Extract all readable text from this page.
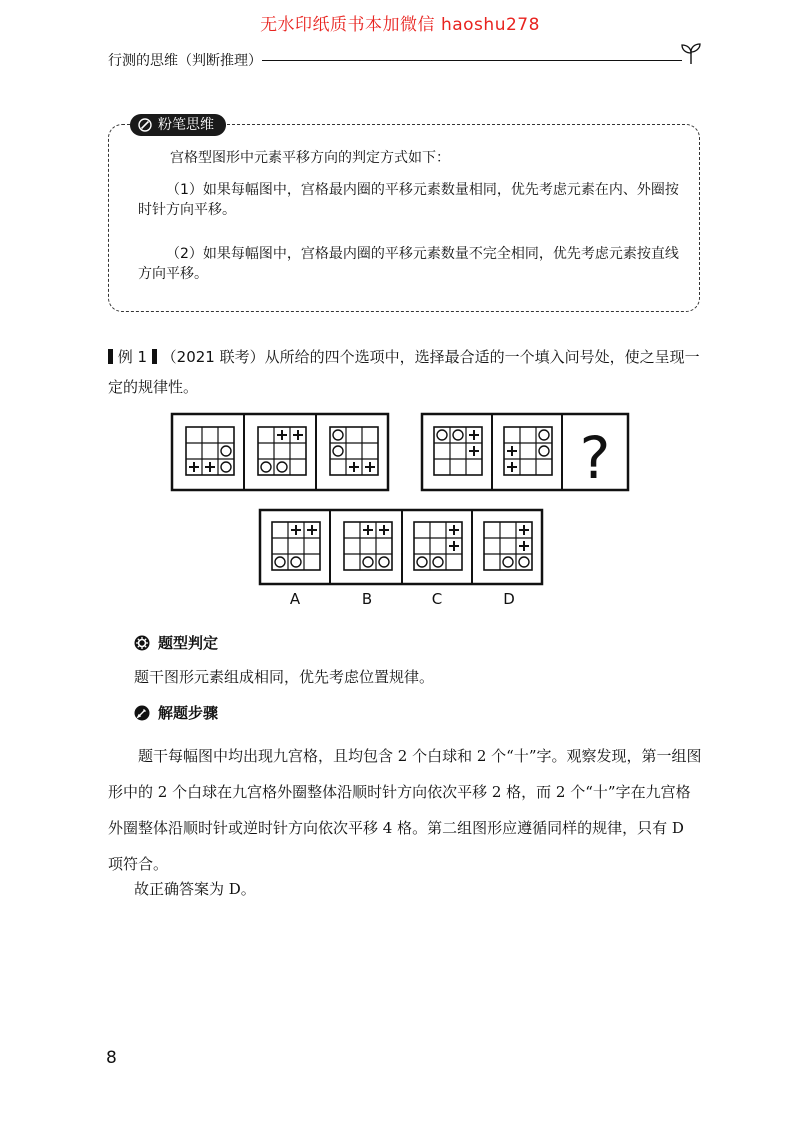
无水印纸质书本加微信 haoshu278
行测的思维（判断推理）
粉笔思维
宫格型图形中元素平移方向的判定方式如下：
（1）如果每幅图中，宫格最内圈的平移元素数量相同，优先考虑元素在内、外圈按时针方向平移。
（2）如果每幅图中，宫格最内圈的平移元素数量不完全相同，优先考虑元素按直线方向平移。
例 1 （2021 联考）从所给的四个选项中，选择最合适的一个填入问号处，使之呈现一定的规律性。
?
A	B	C	D
题型判定
题干图形元素组成相同，优先考虑位置规律。
解题步骤
题干每幅图中均出现九宫格，且均包含 2 个白球和 2 个“十”字。观察发现，第一组图形中的 2 个白球在九宫格外圈整体沿顺时针方向依次平移 2 格，而 2 个“十”字在九宫格外圈整体沿顺时针或逆时针方向依次平移 4 格。第二组图形应遵循同样的规律，只有 D 项符合。
故正确答案为 D。
8
